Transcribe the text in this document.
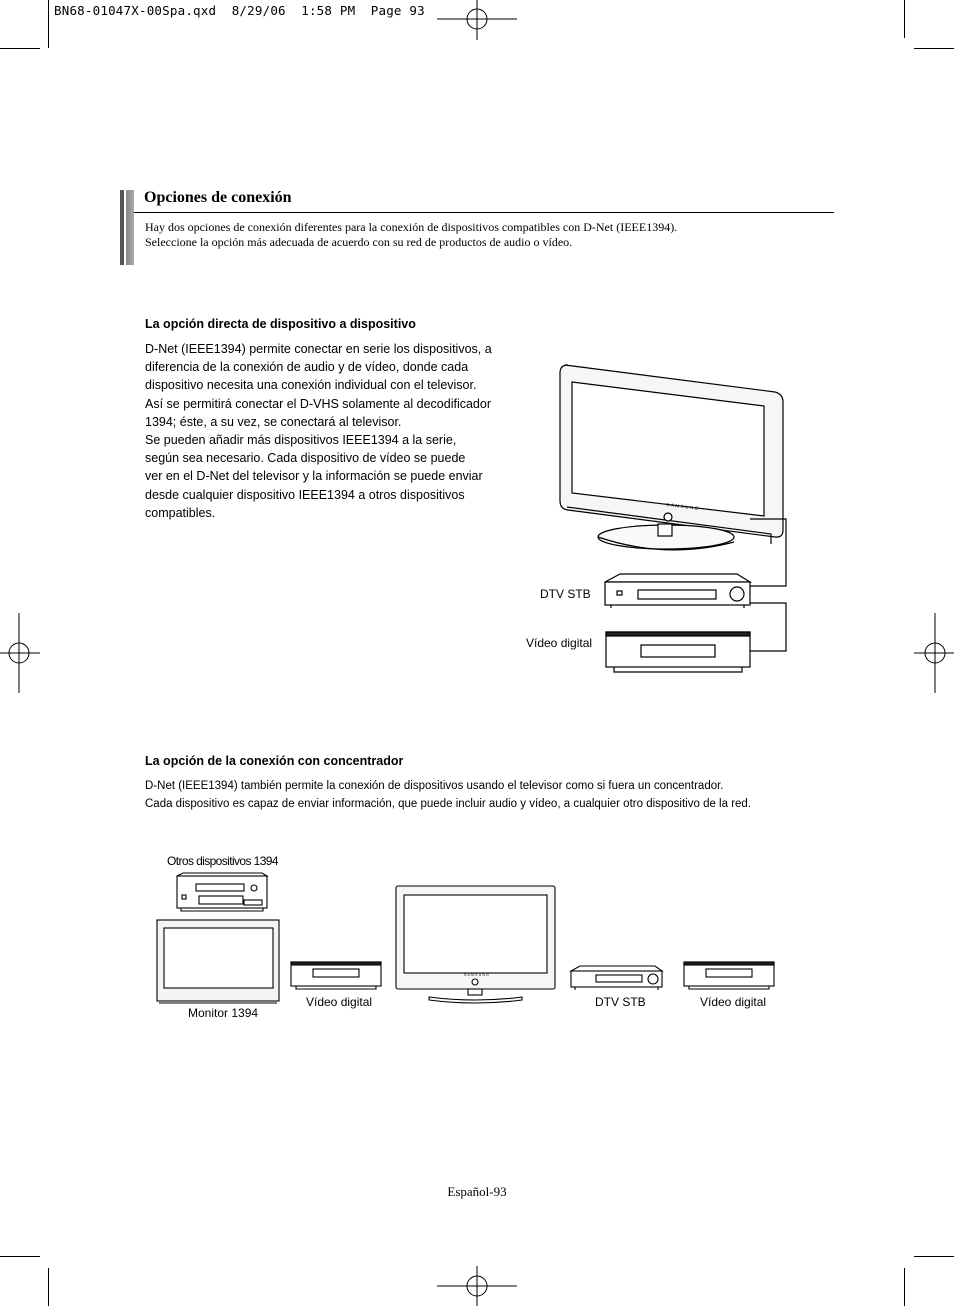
BN68-01047X-00Spa.qxd  8/29/06  1:58 PM  Page 93
Opciones de conexión
Hay dos opciones de conexión diferentes para la conexión de dispositivos compatibles con D-Net (IEEE1394).
Seleccione la opción más adecuada de acuerdo con su red de productos de audio o vídeo.
La opción directa de dispositivo a dispositivo
D-Net (IEEE1394) permite conectar en serie los dispositivos, a
diferencia de la conexión de audio y de vídeo, donde cada
dispositivo necesita una conexión individual con el televisor.
Así se permitirá conectar el D-VHS solamente al decodificador
1394; éste, a su vez, se conectará al televisor.
Se pueden añadir más dispositivos IEEE1394 a la serie,
según sea necesario. Cada dispositivo de vídeo se puede
ver en el D-Net del televisor y la información se puede enviar
desde cualquier dispositivo IEEE1394 a otros dispositivos
compatibles.	SAMSUNG
DTV STB
Vídeo digital
La opción de la conexión con concentrador
D-Net (IEEE1394) también permite la conexión de dispositivos usando el televisor como si fuera un concentrador.
Cada dispositivo es capaz de enviar información, que puede incluir audio y vídeo, a cualquier otro dispositivo de la red.
SAMSUNG
Otros dispositivos 1394
Monitor 1394
Vídeo digital	DTV STB	Vídeo digital
Español-93
